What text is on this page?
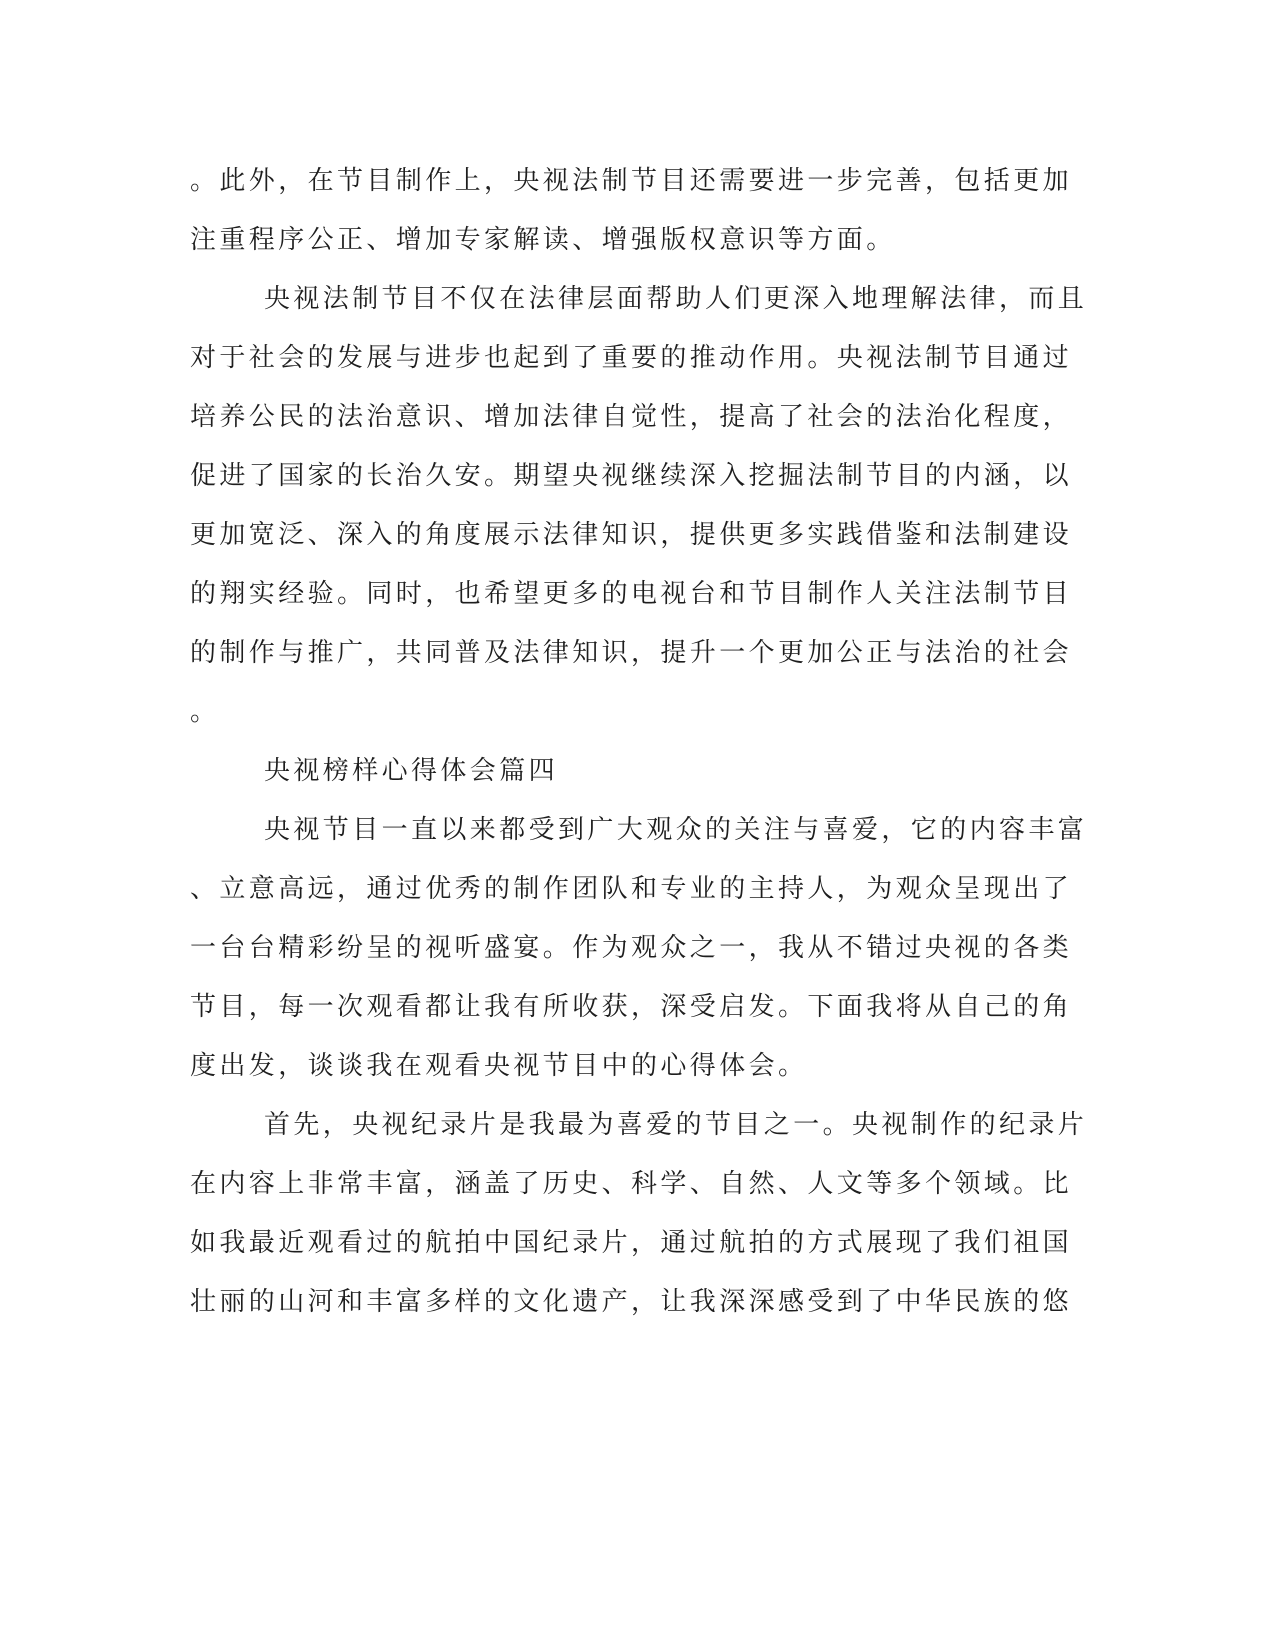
。此外，在节目制作上，央视法制节目还需要进一步完善，包括更加

注重程序公正、增加专家解读、增强版权意识等方面。

央视法制节目不仅在法律层面帮助人们更深入地理解法律，而且

对于社会的发展与进步也起到了重要的推动作用。央视法制节目通过

培养公民的法治意识、增加法律自觉性，提高了社会的法治化程度，

促进了国家的长治久安。期望央视继续深入挖掘法制节目的内涵，以

更加宽泛、深入的角度展示法律知识，提供更多实践借鉴和法制建设

的翔实经验。同时，也希望更多的电视台和节目制作人关注法制节目

的制作与推广，共同普及法律知识，提升一个更加公正与法治的社会

。

央视榜样心得体会篇四

央视节目一直以来都受到广大观众的关注与喜爱，它的内容丰富

、立意高远，通过优秀的制作团队和专业的主持人，为观众呈现出了

一台台精彩纷呈的视听盛宴。作为观众之一，我从不错过央视的各类

节目，每一次观看都让我有所收获，深受启发。下面我将从自己的角

度出发，谈谈我在观看央视节目中的心得体会。

首先，央视纪录片是我最为喜爱的节目之一。央视制作的纪录片

在内容上非常丰富，涵盖了历史、科学、自然、人文等多个领域。比

如我最近观看过的航拍中国纪录片，通过航拍的方式展现了我们祖国

壮丽的山河和丰富多样的文化遗产，让我深深感受到了中华民族的悠
